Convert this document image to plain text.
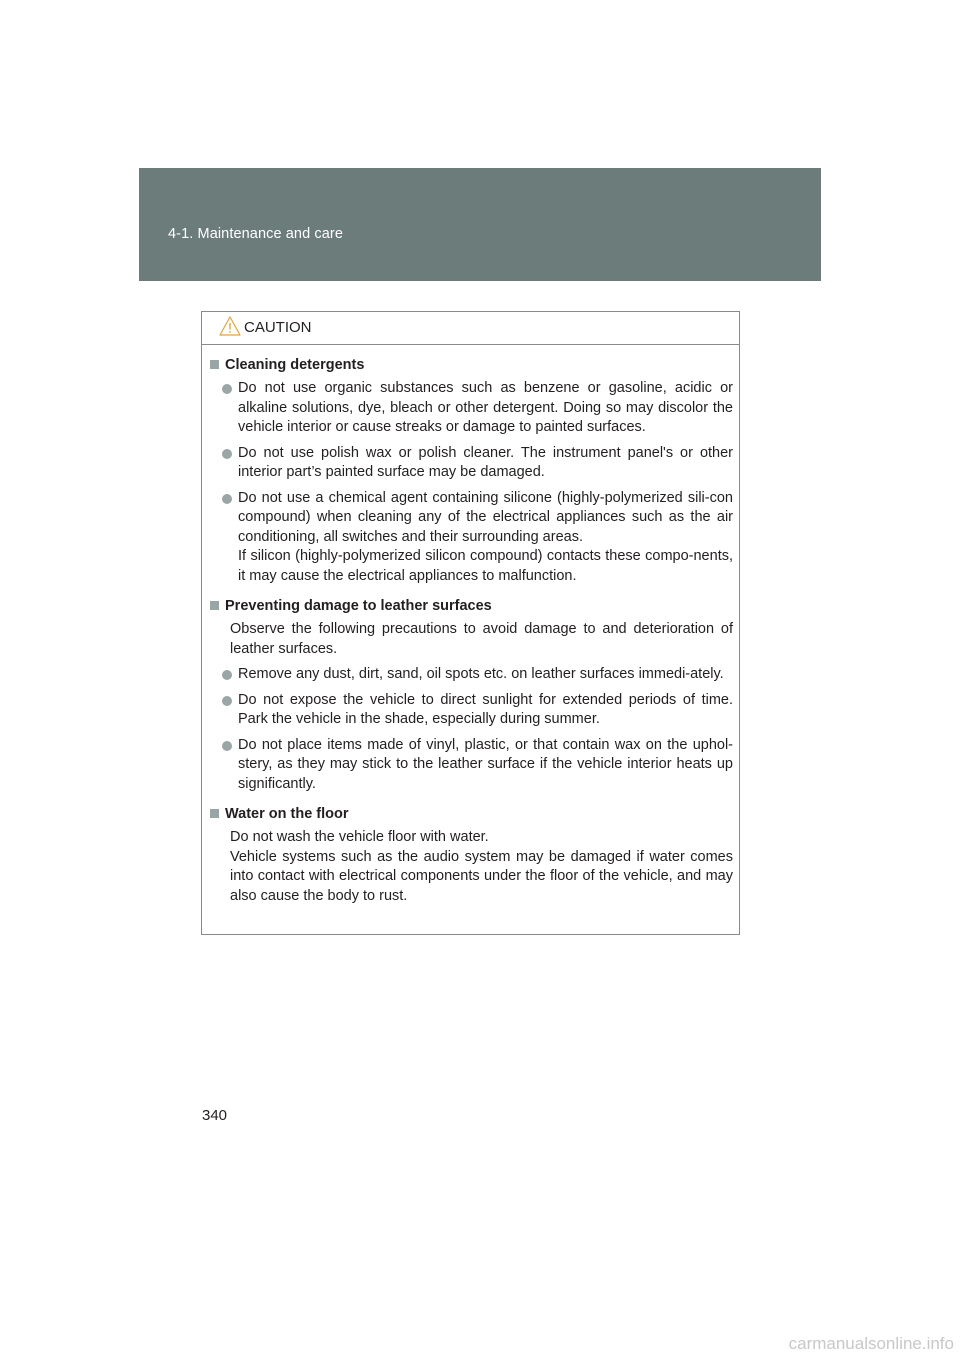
4-1. Maintenance and care
CAUTION
Cleaning detergents

Do not use organic substances such as benzene or gasoline, acidic or alkaline solutions, dye, bleach or other detergent. Doing so may discolor the vehicle interior or cause streaks or damage to painted surfaces.

Do not use polish wax or polish cleaner. The instrument panel's or other interior part’s painted surface may be damaged.

Do not use a chemical agent containing silicone (highly-polymerized sili-con compound) when cleaning any of the electrical appliances such as the air conditioning, all switches and their surrounding areas.

If silicon (highly-polymerized silicon compound) contacts these compo-nents, it may cause the electrical appliances to malfunction.

Preventing damage to leather surfaces

Observe the following precautions to avoid damage to and deterioration of leather surfaces.

Remove any dust, dirt, sand, oil spots etc. on leather surfaces immedi-ately.

Do not expose the vehicle to direct sunlight for extended periods of time. Park the vehicle in the shade, especially during summer.

Do not place items made of vinyl, plastic, or that contain wax on the uphol-stery, as they may stick to the leather surface if the vehicle interior heats up significantly.

Water on the floor

Do not wash the vehicle floor with water.

Vehicle systems such as the audio system may be damaged if water comes into contact with electrical components under the floor of the vehicle, and may also cause the body to rust.

340
carmanualsonline.info
